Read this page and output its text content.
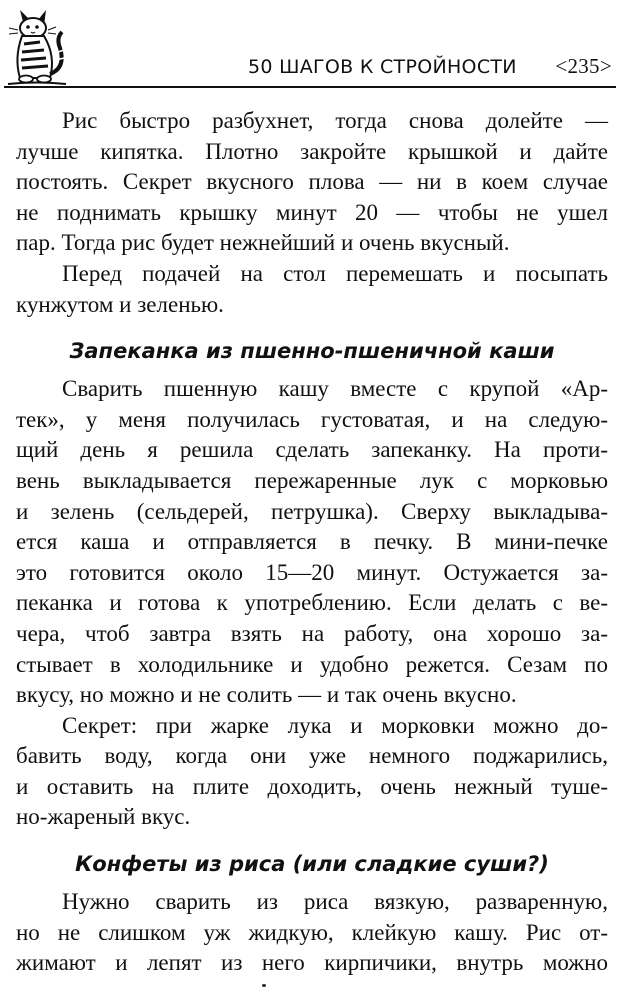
50 ШАГОВ К СТРОЙНОСТИ <235>
Рис быстро разбухнет, тогда снова долейте —
лучше кипятка. Плотно закройте крышкой и дайте
постоять. Секрет вкусного плова — ни в коем случае
не поднимать крышку минут 20 — чтобы не ушел
пар. Тогда рис будет нежнейший и очень вкусный.
Перед подачей на стол перемешать и посыпать
кунжутом и зеленью.
Запеканка из пшенно-пшеничной каши
Сварить пшенную кашу вместе с крупой «Ар-
тек», у меня получилась густоватая, и на следую-
щий день я решила сделать запеканку. На проти-
вень выкладывается пережаренные лук с морковью
и зелень (сельдерей, петрушка). Сверху выкладыва-
ется каша и отправляется в печку. В мини-печке
это готовится около 15—20 минут. Остужается за-
пеканка и готова к употреблению. Если делать с ве-
чера, чтоб завтра взять на работу, она хорошо за-
стывает в холодильнике и удобно режется. Сезам по
вкусу, но можно и не солить — и так очень вкусно.
Секрет: при жарке лука и морковки можно до-
бавить воду, когда они уже немного поджарились,
и оставить на плите доходить, очень нежный туше-
но-жареный вкус.
Конфеты из риса (или сладкие суши?)
Нужно сварить из риса вязкую, разваренную,
но не слишком уж жидкую, клейкую кашу. Рис от-
жимают и лепят из него кирпичики, внутрь можно
